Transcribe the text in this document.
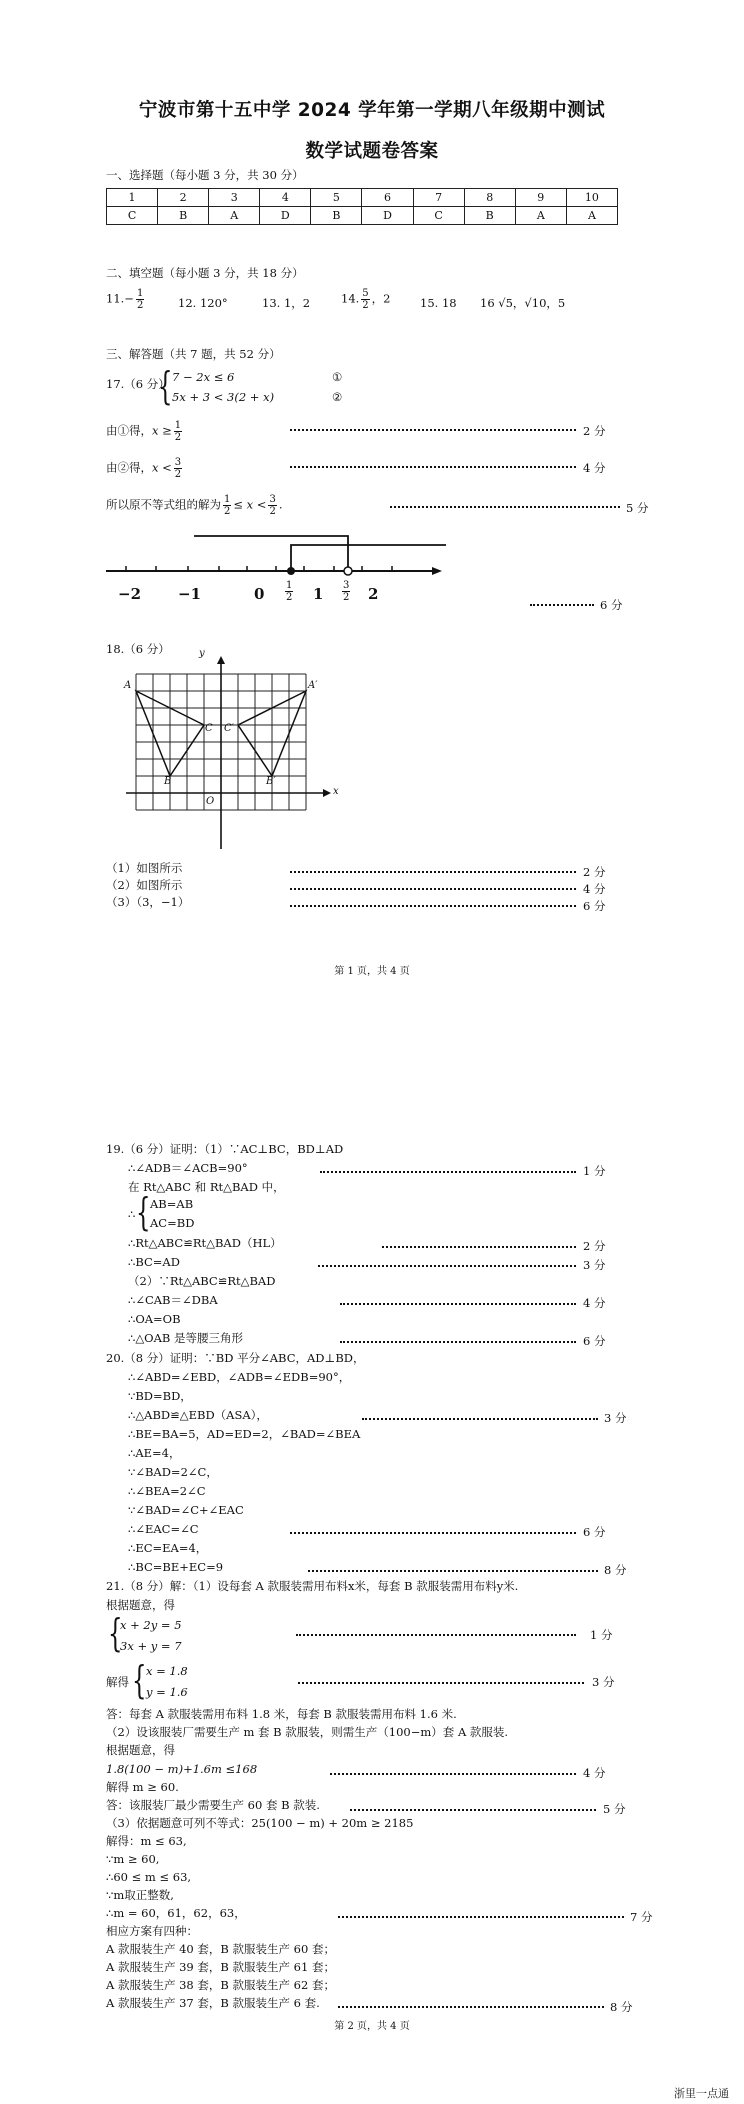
宁波市第十五中学 2024 学年第一学期八年级期中测试
数学试题卷答案
一、选择题（每小题 3 分，共 30 分）
1	2	3	4	5	6	7	8	9	10
C	B	A	D	B	D	C	B	A	A
二、填空题（每小题 3 分，共 18 分）
$11.- \frac{1}{2}$	12. 120°	13. 1，2	14. $\frac{5}{2}$ ，2	15. 18 16 √5，√10，5
三、解答题（共 7 题，共 52 分）
17.（6 分）
{ 7 − 2x ≤ 6
5x + 3 < 3(2 + x)
①
②
由①得，$x \ge \frac{1}{2}$	2 分
由②得，$x < \frac{3}{2}$	4 分
所以原不等式组的解为 $\frac{1}{2} \le x < \frac{3}{2}$ .	5 分
−2 −1	$0 \frac{1}{2} 1 \frac{3}{2} 2$
6 分
18.（6 分）	y
x
A	A′
B	B′
C C′
O
（1）如图所示	2 分
（2）如图所示	4 分
（3）（3，−1）	6 分
第 1 页，共 4 页
19.（6 分）证明：（1）∵AC⊥BC，BD⊥AD
∴∠ADB＝∠ACB=90°	1 分
在 Rt△ABC 和 Rt△BAD 中，
∴ { AB=AB
AC=BD
∴Rt△ABC≌Rt△BAD（HL）	2 分
∴BC=AD	3 分
（2）∵Rt△ABC≌Rt△BAD
∴∠CAB＝∠DBA	4 分
∴OA=OB
∴△OAB 是等腰三角形	6 分
20.（8 分）证明：∵BD 平分∠ABC，AD⊥BD，
∴∠ABD=∠EBD，∠ADB=∠EDB=90°，
∵BD=BD，
∴△ABD≌△EBD（ASA），	3 分
∴BE=BA=5，AD=ED=2，∠BAD=∠BEA
∴AE=4，
∵∠BAD=2∠C，
∴∠BEA=2∠C
∵∠BAD=∠C+∠EAC
∴∠EAC=∠C	6 分
∴EC=EA=4，
∴BC=BE+EC=9	8 分
21.（8 分）解：（1）设每套 A 款服装需用布料x米，每套 B 款服装需用布料y米.
根据题意，得
{
x + 2y = 5
3x + y = 7
1 分
解得 { x = 1.8
y = 1.6
3 分
答：每套 A 款服装需用布料 1.8 米，每套 B 款服装需用布料 1.6 米.
（2）设该服装厂需要生产 m 套 B 款服装，则需生产（100−m）套 A 款服装.
根据题意，得
1.8(100 − m)+1.6m ≤168	4 分
解得 m ≥ 60.
答：该服装厂最少需要生产 60 套 B 款装.	5 分
（3）依据题意可列不等式：25(100 − m) + 20m ≥ 2185
解得：m ≤ 63,
∵m ≥ 60,
∴60 ≤ m ≤ 63,
∵m取正整数,
∴m = 60，61，62，63，	7 分
相应方案有四种：
A 款服装生产 40 套，B 款服装生产 60 套；
A 款服装生产 39 套，B 款服装生产 61 套；
A 款服装生产 38 套，B 款服装生产 62 套；
A 款服装生产 37 套，B 款服装生产 6 套.	8 分
第 2 页，共 4 页
浙里一点通
